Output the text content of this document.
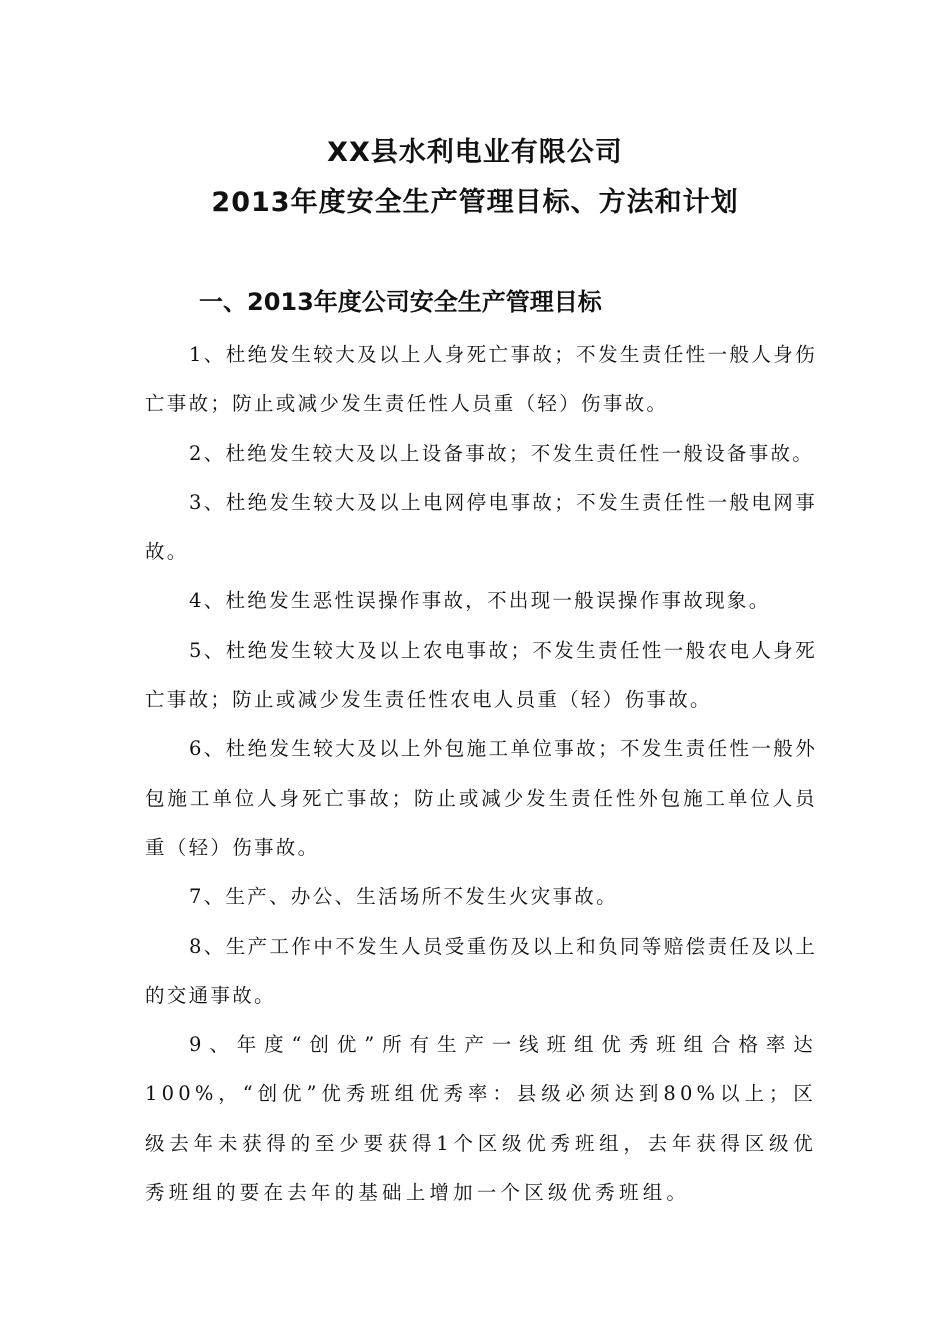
XX县水利电业有限公司
2013年度安全生产管理目标、方法和计划
一、2013年度公司安全生产管理目标

1、杜绝发生较大及以上人身死亡事故；不发生责任性一般人身伤亡事故；防止或减少发生责任性人员重（轻）伤事故。

2、杜绝发生较大及以上设备事故；不发生责任性一般设备事故。

3、杜绝发生较大及以上电网停电事故；不发生责任性一般电网事故。

4、杜绝发生恶性误操作事故，不出现一般误操作事故现象。

5、杜绝发生较大及以上农电事故；不发生责任性一般农电人身死亡事故；防止或减少发生责任性农电人员重（轻）伤事故。

6、杜绝发生较大及以上外包施工单位事故；不发生责任性一般外包施工单位人身死亡事故；防止或减少发生责任性外包施工单位人员重（轻）伤事故。

7、生产、办公、生活场所不发生火灾事故。

8、生产工作中不发生人员受重伤及以上和负同等赔偿责任及以上的交通事故。

9、年度“创优”所有生产一线班组优秀班组合格率达100%，“创优”优秀班组优秀率：县级必须达到80%以上；区级去年未获得的至少要获得1个区级优秀班组，去年获得区级优秀班组的要在去年的基础上增加一个区级优秀班组。
